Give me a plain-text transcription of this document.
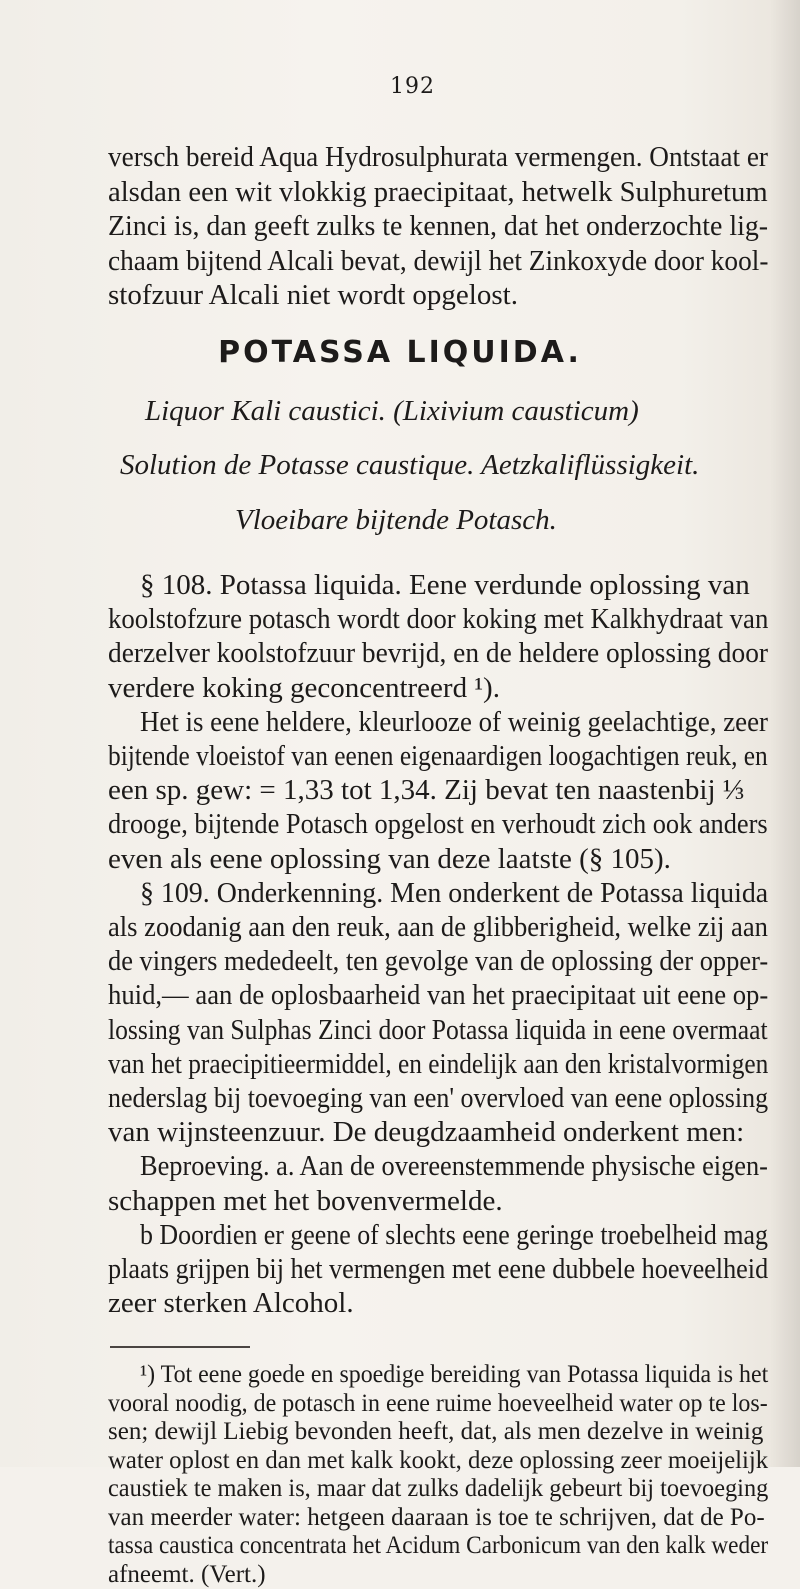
192
versch bereid Aqua Hydrosulphurata vermengen. Ontstaat er
alsdan een wit vlokkig praecipitaat, hetwelk Sulphuretum
Zinci is, dan geeft zulks te kennen, dat het onderzochte lig-
chaam bijtend Alcali bevat, dewijl het Zinkoxyde door kool-
stofzuur Alcali niet wordt opgelost.
POTASSA LIQUIDA.
Liquor Kali caustici. (Lixivium causticum)
Solution de Potasse caustique. Aetzkaliflüssigkeit.
Vloeibare bijtende Potasch.
§ 108. Potassa liquida. Eene verdunde oplossing van
koolstofzure potasch wordt door koking met Kalkhydraat van
derzelver koolstofzuur bevrijd, en de heldere oplossing door
verdere koking geconcentreerd ¹).
Het is eene heldere, kleurlooze of weinig geelachtige, zeer
bijtende vloeistof van eenen eigenaardigen loogachtigen reuk, en
een sp. gew: = 1,33 tot 1,34. Zij bevat ten naastenbij ⅓
drooge, bijtende Potasch opgelost en verhoudt zich ook anders
even als eene oplossing van deze laatste (§ 105).
§ 109. Onderkenning. Men onderkent de Potassa liquida
als zoodanig aan den reuk, aan de glibberigheid, welke zij aan
de vingers mededeelt, ten gevolge van de oplossing der opper-
huid,— aan de oplosbaarheid van het praecipitaat uit eene op-
lossing van Sulphas Zinci door Potassa liquida in eene overmaat
van het praecipitieermiddel, en eindelijk aan den kristalvormigen
nederslag bij toevoeging van een' overvloed van eene oplossing
van wijnsteenzuur. De deugdzaamheid onderkent men:
Beproeving. a. Aan de overeenstemmende physische eigen-
schappen met het bovenvermelde.
b Doordien er geene of slechts eene geringe troebelheid mag
plaats grijpen bij het vermengen met eene dubbele hoeveelheid
zeer sterken Alcohol.
¹) Tot eene goede en spoedige bereiding van Potassa liquida is het
vooral noodig, de potasch in eene ruime hoeveelheid water op te los-
sen; dewijl Liebig bevonden heeft, dat, als men dezelve in weinig
water oplost en dan met kalk kookt, deze oplossing zeer moeijelijk
caustiek te maken is, maar dat zulks dadelijk gebeurt bij toevoeging
van meerder water: hetgeen daaraan is toe te schrijven, dat de Po-
tassa caustica concentrata het Acidum Carbonicum van den kalk weder
afneemt. (Vert.)
